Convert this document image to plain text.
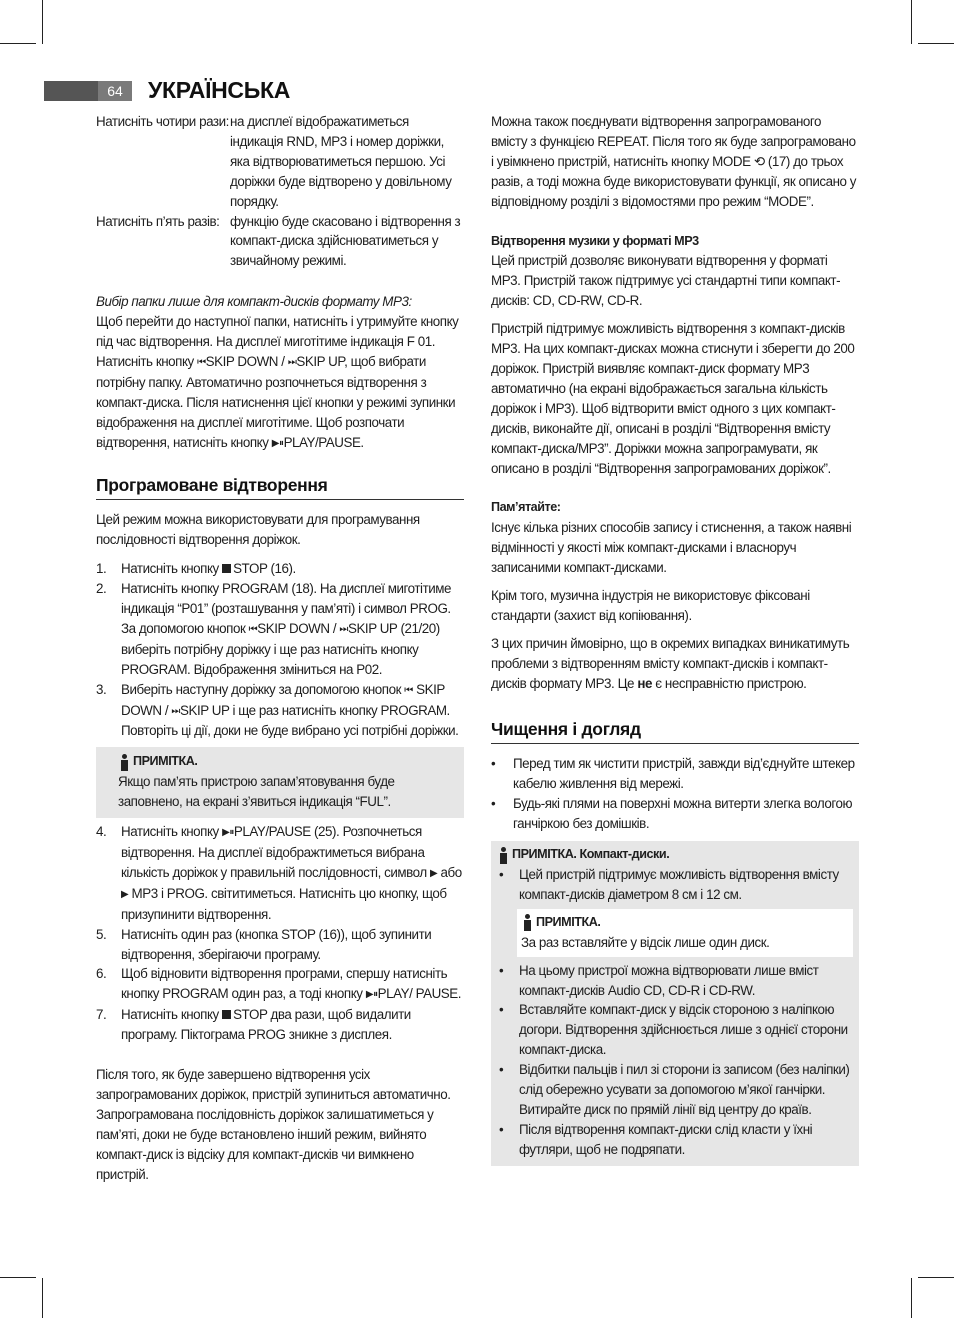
64	УКРАЇНСЬКА
Натисніть чотири рази: на дисплеї відображатиметься індикація RND, MP3 і номер доріжки, яка відтворюватиметься першою. Усі доріжки буде відтворено у довільному порядку.
Натисніть п’ять разів: функцію буде скасовано і відтворення з компакт-диска здійснюватиметься у звичайному режимі.

Вибір папки лише для компакт-дисків формату MP3:

Щоб перейти до наступної папки, натисніть і утримуйте кнопку під час відтворення. На дисплеї миготітиме індикація F 01. Натисніть кнопку ⏮SKIP DOWN / ⏭SKIP UP, щоб вибрати потрібну папку. Автоматично розпочнеться відтворення з компакт-диска. Після натиснення цієї кнопки у режимі зупинки відображення на дисплеї миготітиме. Щоб розпочати відтворення, натисніть кнопку ▶⏸PLAY/PAUSE.

Програмоване відтворення

Цей режим можна використовувати для програмування послідовності відтворення доріжок.

1.	Натисніть кнопку STOP (16).
2.	Натисніть кнопку PROGRAM (18). На дисплеї миготітиме індикація “P01” (розташування у пам’яті) і символ PROG. За допомогою кнопок ⏮SKIP DOWN / ⏭SKIP UP (21/20) виберіть потрібну доріжку і ще раз натисніть кнопку PROGRAM. Відображення зміниться на P02.
3.	Виберіть наступну доріжку за допомогою кнопок ⏮ SKIP DOWN / ⏭SKIP UP і ще раз натисніть кнопку PROGRAM. Повторіть ці дії, доки не буде вибрано усі потрібні доріжки.
ПРИМІТКА.

Якщо пам’ять пристрою запам’ятовування буде заповнено, на екрані з’явиться індикація “FUL”.

4.	Натисніть кнопку ▶⏸PLAY/PAUSE (25). Розпочнеться відтворення. На дисплеї відображтиметься вибрана кількість доріжок у правильній послідовності, символ ▶ або ▶ MP3 і PROG. світитиметься. Натисніть цю кнопку, щоб призупинити відтворення.
5.	Натисніть один раз (кнопка STOP (16)), щоб зупинити відтворення, зберігаючи програму.
6.	Щоб відновити відтворення програми, спершу натисніть кнопку PROGRAM один раз, а тоді кнопку ▶⏸PLAY/ PAUSE.
7.	Натисніть кнопку STOP два рази, щоб видалити програму. Піктограма PROG зникне з дисплея.

Після того, як буде завершено відтворення усіх запрограмованих доріжок, пристрій зупиниться автоматично. Запрограмована послідовність доріжок залишатиметься у пам’яті, доки не буде встановлено інший режим, вийнято компакт-диск із відсіку для компакт-дисків чи вимкнено пристрій.

Можна також поєднувати відтворення запрограмованого вмісту з функцією REPEAT. Після того як буде запрограмовано і увімкнено пристрій, натисніть кнопку MODE ⟲ (17) до трьох разів, а тоді можна буде використовувати функції, як описано у відповідному розділі з відомостями про режим “MODE”.

Відтворення музики у форматі MP3

Цей пристрій дозволяє виконувати відтворення у форматі MP3. Пристрій також підтримує усі стандартні типи компакт-дисків: CD, CD-RW, CD-R.

Пристрій підтримує можливість відтворення з компакт-дисків MP3. На цих компакт-дисках можна стиснути і зберегти до 200 доріжок. Пристрій виявляє компакт-диск формату MP3 автоматично (на екрані відображається загальна кількість доріжок і MP3). Щоб відтворити вміст одного з цих компакт-дисків, виконайте дії, описані в розділі “Відтворення вмісту компакт-диска/MP3”. Доріжки можна запрограмувати, як описано в розділі “Відтворення запрограмованих доріжок”.

Пам’ятайте:

Існує кілька різних способів запису і стиснення, а також наявні відмінності у якості між компакт-дисками і власноруч записаними компакт-дисками.

Крім того, музична індустрія не використовує фіксовані стандарти (захист від копіювання).

З цих причин ймовірно, що в окремих випадках виникатимуть проблеми з відтворенням вмісту компакт-дисків і компакт-дисків формату MP3. Це не є несправністю пристрою.

Чищення і догляд
•	Перед тим як чистити пристрій, завжди від’єднуйте штекер кабелю живлення від мережі.
•	Будь-які плями на поверхні можна витерти злегка вологою ганчіркою без домішків.
ПРИМІТКА. Компакт-диски.
•	Цей пристрій підтримує можливість відтворення вмісту компакт-дисків діаметром 8 см і 12 см.
ПРИМІТКА.

За раз вставляйте у відсік лише один диск.

•	На цьому пристрої можна відтворювати лише вміст компакт-дисків Audio CD, CD-R і CD-RW.
•	Вставляйте компакт-диск у відсік стороною з наліпкою догори. Відтворення здійснюється лише з однієї сторони компакт-диска.
•	Відбитки пальців і пил зі сторони із записом (без наліпки) слід обережно усувати за допомогою м’якої ганчірки. Витирайте диск по прямій лінії від центру до країв.
•	Після відтворення компакт-диски слід класти у їхні футляри, щоб не подряпати.
